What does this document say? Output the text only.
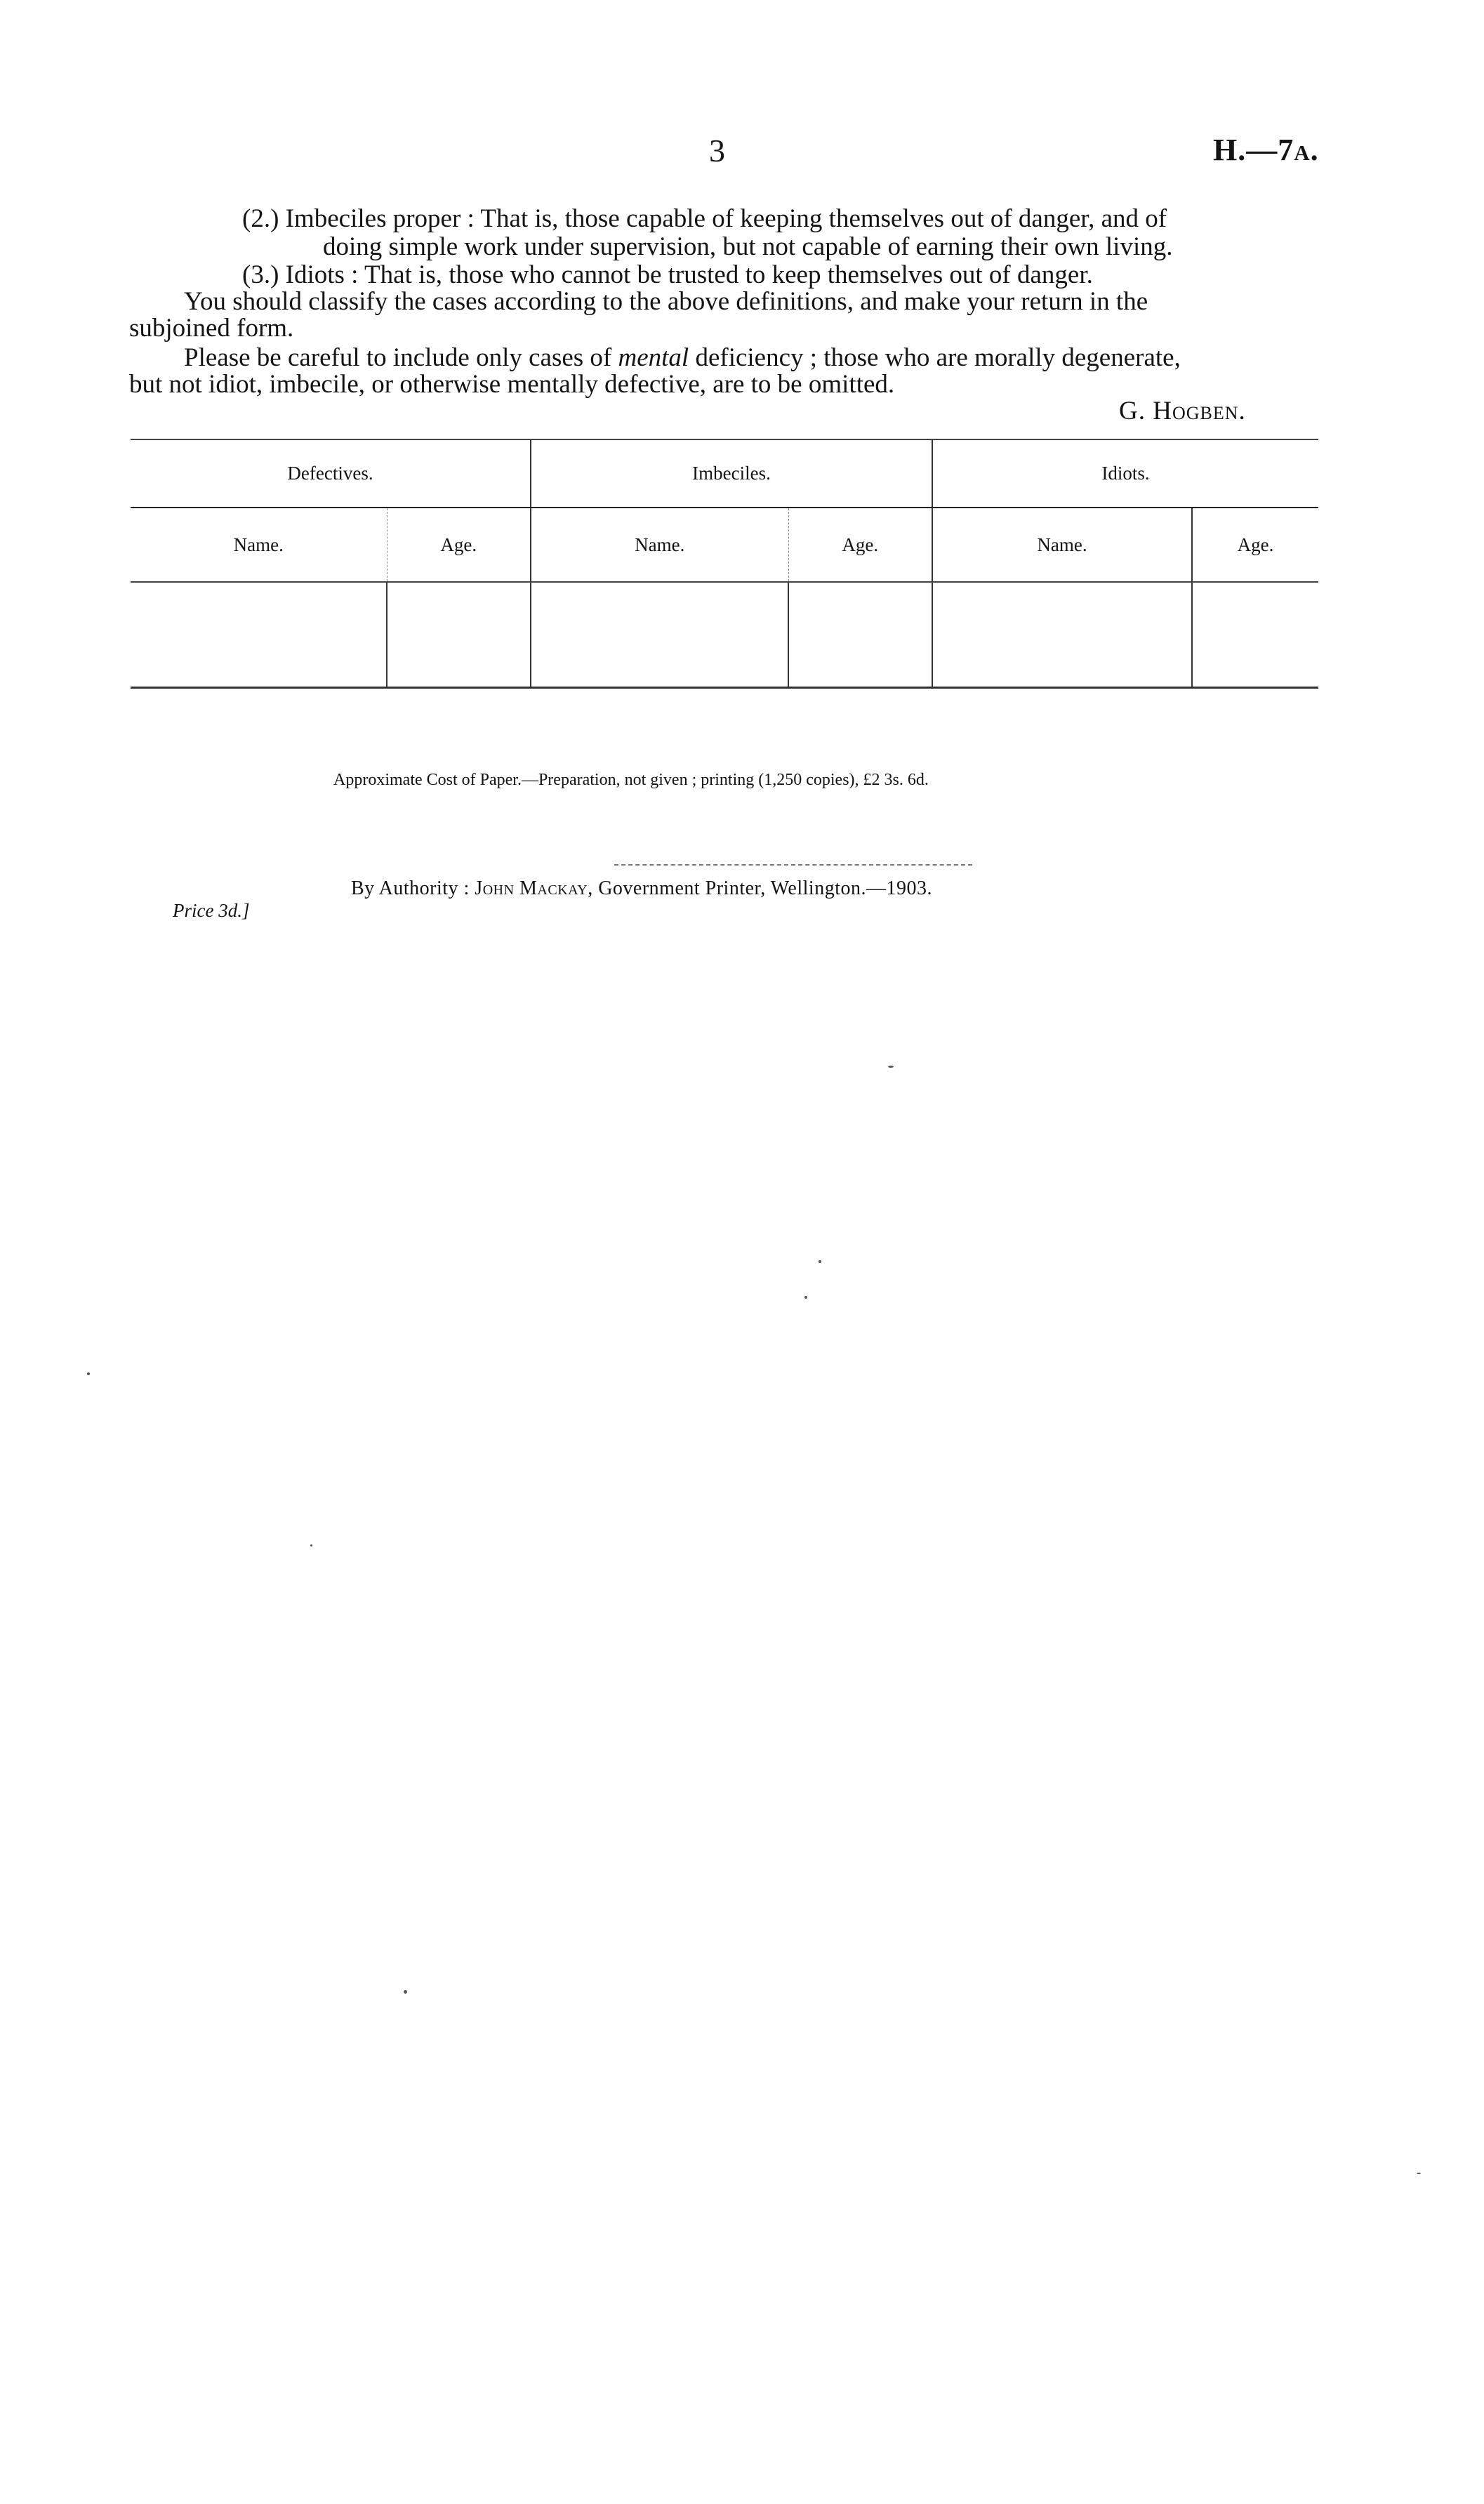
3	H.—7a.
(2.) Imbeciles proper : That is, those capable of keeping themselves out of danger, and of
doing simple work under supervision, but not capable of earning their own living.
(3.) Idiots : That is, those who cannot be trusted to keep themselves out of danger.
You should classify the cases according to the above definitions, and make your return in the
subjoined form.
Please be careful to include only cases of mental deficiency ; those who are morally degenerate,
but not idiot, imbecile, or otherwise mentally defective, are to be omitted.
G. Hogben.
Defectives.		Imbeciles.		Idiots.	
Name.	Age.	Name.	Age.	Name.	Age.

Approximate Cost of Paper.—Preparation, not given ; printing (1,250 copies), £2 3s. 6d.
By Authority : John Mackay, Government Printer, Wellington.—1903.
Price 3d.]
